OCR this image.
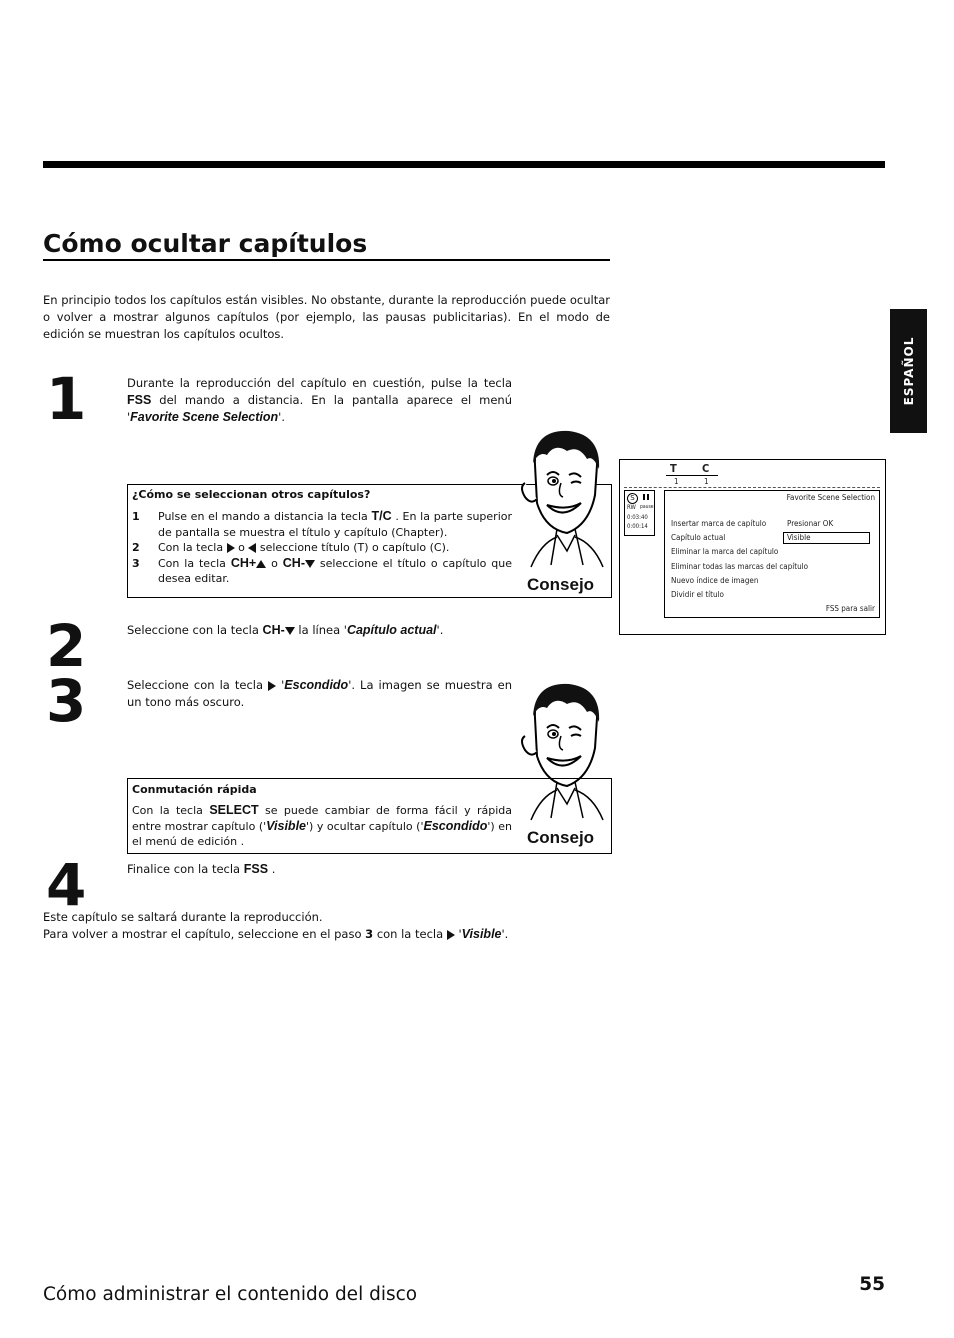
Cómo ocultar capítulos
ESPAÑOL
En principio todos los capítulos están visibles. No obstante, durante la reproducción puede ocultar o volver a mostrar algunos capítulos (por ejemplo, las pausas publicitarias). En el modo de edición se muestran los capítulos ocultos.
1	Durante la reproducción del capítulo en cuestión, pulse la tecla FSS del mando a distancia. En la pantalla aparece el menú 'Favorite Scene Selection'.
¿Cómo se seleccionan otros capítulos?
1	Pulse en el mando a distancia la tecla T/C . En la parte superior de pantalla se muestra el título y capítulo (Chapter).
2	Con la tecla o seleccione título (T) o capítulo (C).
3	Con la tecla CH+ o CH- seleccione el título o capítulo que desea editar.	Consejo
T C
1	1
S
RW pause
0:03:40
0:00:14
Favorite Scene Selection
Insertar marca de capítulo	Presionar OK
Capítulo actual	Visible
Eliminar la marca del capítulo
Eliminar todas las marcas del capítulo
Nuevo índice de imagen
Dividir el título
FSS para salir
2	Seleccione con la tecla CH- la línea 'Capítulo actual'.
3	Seleccione con la tecla 'Escondido'. La imagen se muestra en un tono más oscuro.
Conmutación rápida
Con la tecla SELECT se puede cambiar de forma fácil y rápida entre mostrar capítulo ('Visible') y ocultar capítulo ('Escondido') en el menú de edición .	Consejo
4	Finalice con la tecla FSS .
Este capítulo se saltará durante la reproducción.
Para volver a mostrar el capítulo, seleccione en el paso 3 con la tecla 'Visible'.
Cómo administrar el contenido del disco	55
